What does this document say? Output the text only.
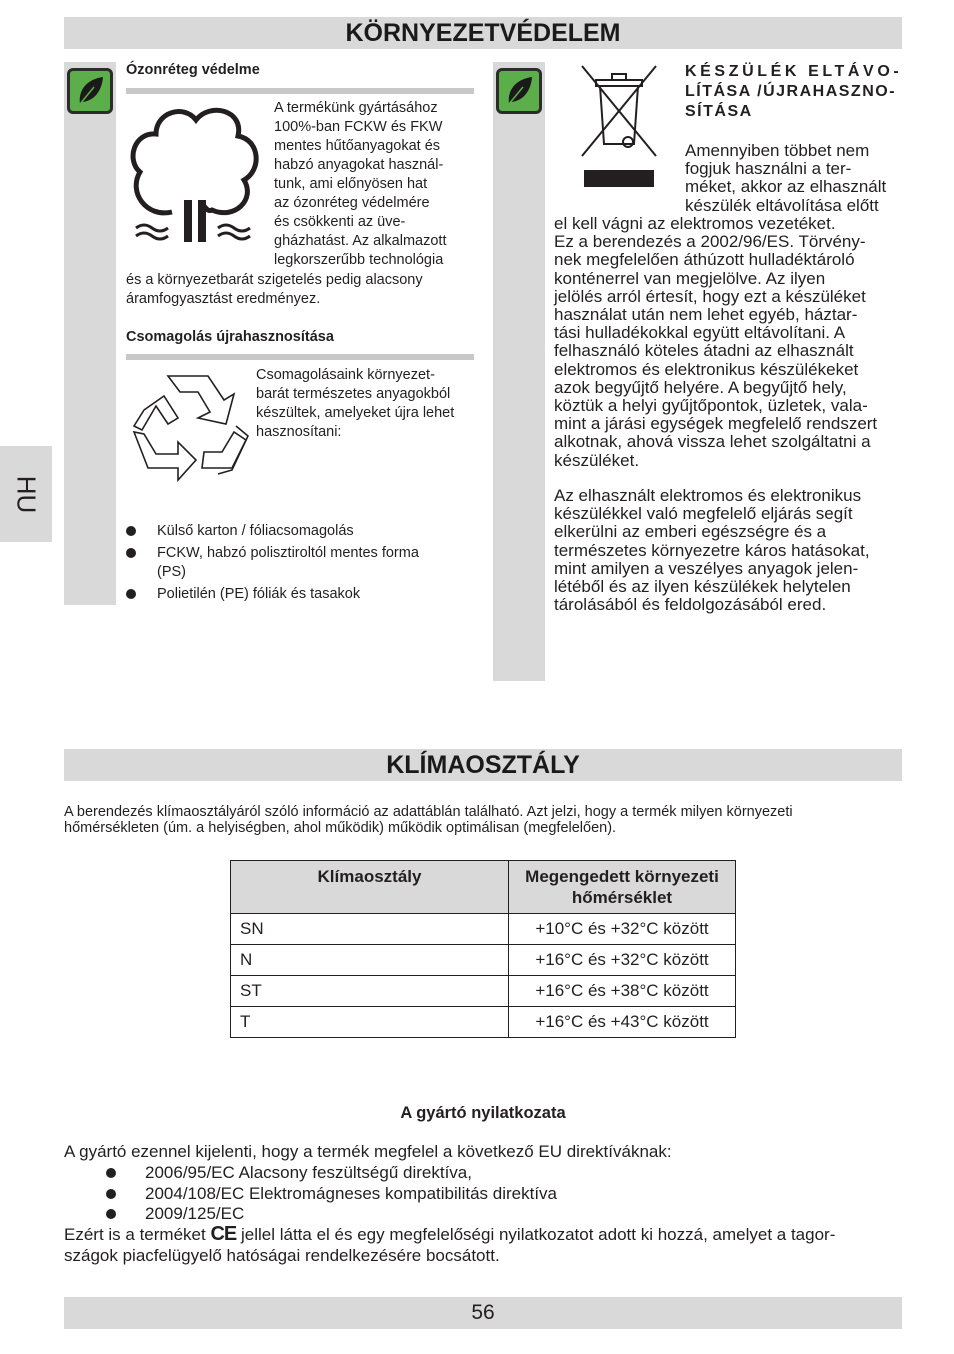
KÖRNYEZETVÉDELEM
Ózonréteg védelme
A termékünk gyártásához
100%-ban FCKW és FKW
mentes hűtőanyagokat és
habzó anyagokat használ-
tunk, ami előnyösen hat
az ózonréteg védelmére
és csökkenti az üve-
gházhatást. Az alkalmazott
legkorszerűbb technológia
és a környezetbarát szigetelés pedig alacsony
áramfogyasztást eredményez.
Csomagolás újrahasznosítása
Csomagolásaink környezet-
barát természetes anyagokból
készültek, amelyeket újra lehet
hasznosítani:
Külső karton / fóliacsomagolás
FCKW, habzó polisztiroltól mentes forma
(PS)
Polietilén (PE) fóliák és tasakok
KÉSZÜLÉK ELTÁVO-
LÍTÁSA /ÚJRAHASZNO-
SÍTÁSA
Amennyiben többet nem
fogjuk használni a ter-
méket, akkor az elhasznált
készülék eltávolítása előtt
el kell vágni az elektromos vezetéket.
Ez a berendezés a 2002/96/ES. Törvény-
nek megfelelően áthúzott hulladéktároló
konténerrel van megjelölve. Az ilyen
jelölés arról értesít, hogy ezt a készüléket
használat után nem lehet egyéb, háztar-
tási hulladékokkal együtt eltávolítani. A
felhasználó köteles átadni az elhasznált
elektromos és elektronikus készülékeket
azok begyűjtő helyére. A begyűjtő hely,
köztük a helyi gyűjtőpontok, üzletek, vala-
mint a járási egységek megfelelő rendszert
alkotnak, ahová vissza lehet szolgáltatni a
készüléket.
Az elhasznált elektromos és elektronikus
készülékkel való megfelelő eljárás segít
elkerülni az emberi egészségre és a
természetes környezetre káros hatásokat,
mint amilyen a veszélyes anyagok jelen-
létéből és az ilyen készülékek helytelen
tárolásából és feldolgozásából ered.
HU
KLÍMAOSZTÁLY
A berendezés klímaosztályáról szóló információ az adattáblán található. Azt jelzi, hogy a termék milyen környezeti
hőmérsékleten (úm. a helyiségben, ahol működik) működik optimálisan (megfelelően).
Klímaosztály	Megengedett környezeti hőmérséklet
SN	+10°C és +32°C között
N	+16°C és +32°C között
ST	+16°C és +38°C között
T	+16°C és +43°C között
A gyártó nyilatkozata
A gyártó ezennel kijelenti, hogy a termék megfelel a következő EU direktíváknak:
2006/95/EC Alacsony feszültségű direktíva,
2004/108/EC Elektromágneses kompatibilitás direktíva
2009/125/EC
Ezért is a terméket CE jellel látta el és egy megfelelőségi nyilatkozatot adott ki hozzá, amelyet a tagor-
szágok piacfelügyelő hatóságai rendelkezésére bocsátott.
56
